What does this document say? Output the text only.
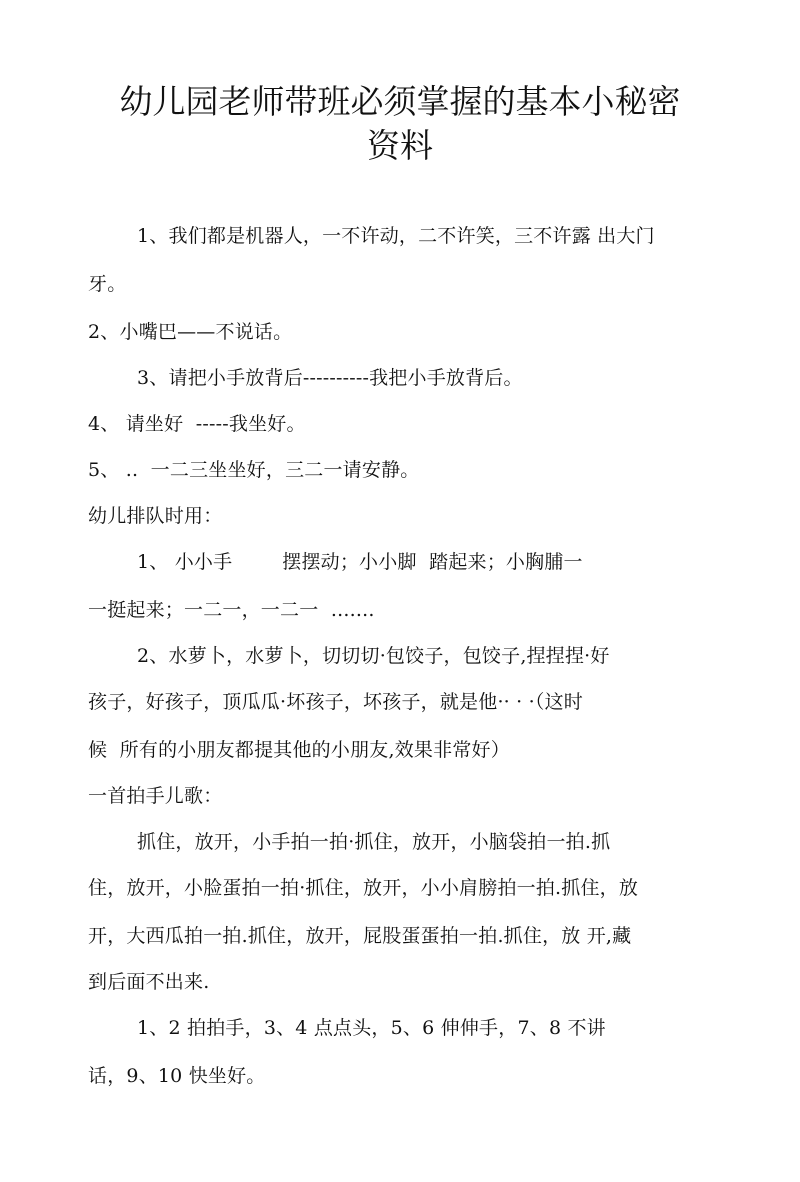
幼儿园老师带班必须掌握的基本小秘密
资料
1、我们都是机器人，一不许动，二不许笑，三不许露 出大门
牙。
2、小嘴巴——不说话。
3、请把小手放背后----------我把小手放背后。
4、 请坐好  -----我坐好。
5、 ..  一二三坐坐好，三二一请安静。
幼儿排队时用：
1、 小小手        摆摆动；小小脚  踏起来；小胸脯一
一挺起来；一二一，一二一  .......
2、水萝卜，水萝卜，切切切·包饺子，包饺子,捏捏捏·好
孩子，好孩子，顶瓜瓜·坏孩子，坏孩子，就是他·· · ·（这时
候  所有的小朋友都提其他的小朋友,效果非常好）
一首拍手儿歌：
抓住，放开，小手拍一拍·抓住，放开，小脑袋拍一拍.抓
住，放开，小脸蛋拍一拍·抓住，放开，小小肩膀拍一拍.抓住，放
开，大西瓜拍一拍.抓住，放开，屁股蛋蛋拍一拍.抓住，放 开,藏
到后面不出来.
1、2 拍拍手，3、4 点点头，5、6 伸伸手，7、8 不讲
话，9、10 快坐好。
